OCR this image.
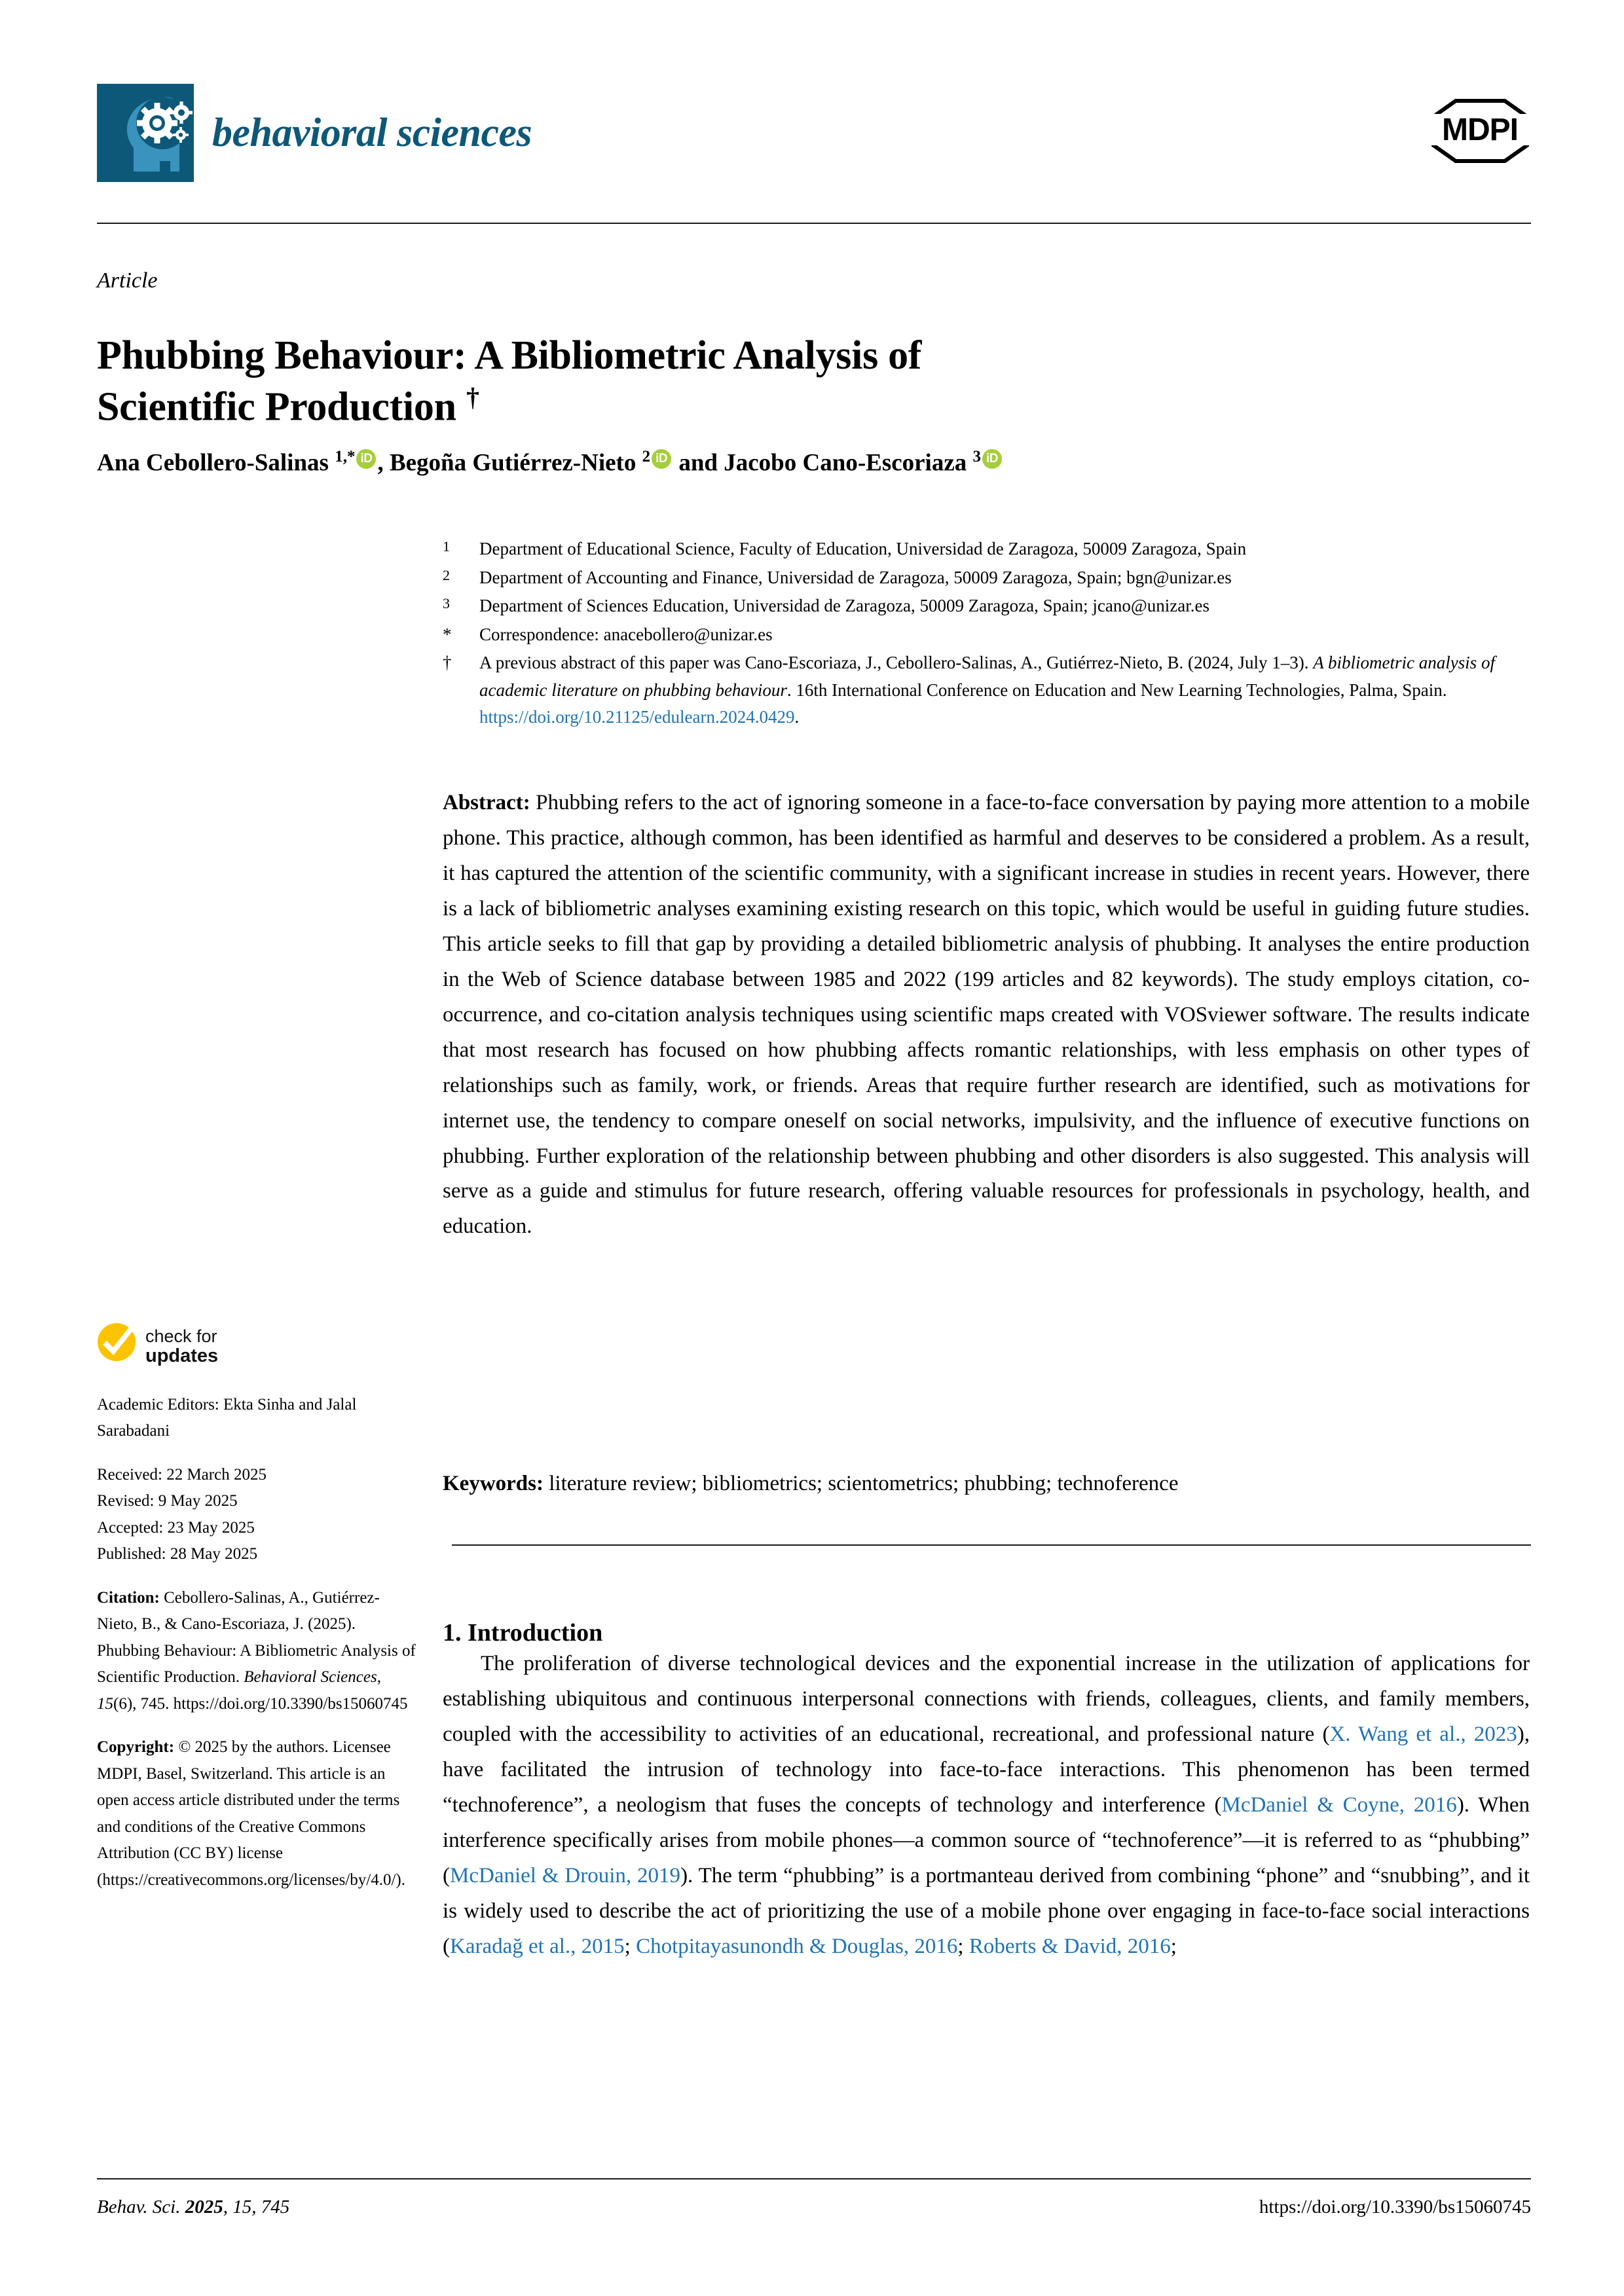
behavioral sciences	MDPI
Article
Phubbing Behaviour: A Bibliometric Analysis of
Scientific Production †
Ana Cebollero-Salinas $^{1,*}$ iD , Begoña Gutiérrez-Nieto $^2$ iD and Jacobo Cano-Escoriaza $^3$ iD
1	Department of Educational Science, Faculty of Education, Universidad de Zaragoza, 50009 Zaragoza, Spain
2	Department of Accounting and Finance, Universidad de Zaragoza, 50009 Zaragoza, Spain; bgn@unizar.es
3	Department of Sciences Education, Universidad de Zaragoza, 50009 Zaragoza, Spain; jcano@unizar.es
*	Correspondence: anacebollero@unizar.es
†	A previous abstract of this paper was Cano-Escoriaza, J., Cebollero-Salinas, A., Gutiérrez-Nieto, B. (2024, July 1–3). A bibliometric analysis of academic literature on phubbing behaviour. 16th International Conference on Education and New Learning Technologies, Palma, Spain. https://doi.org/10.21125/edulearn.2024.0429.
Abstract: Phubbing refers to the act of ignoring someone in a face-to-face conversation by paying more attention to a mobile phone. This practice, although common, has been identified as harmful and deserves to be considered a problem. As a result, it has captured the attention of the scientific community, with a significant increase in studies in recent years. However, there is a lack of bibliometric analyses examining existing research on this topic, which would be useful in guiding future studies. This article seeks to fill that gap by providing a detailed bibliometric analysis of phubbing. It analyses the entire production in the Web of Science database between 1985 and 2022 (199 articles and 82 keywords). The study employs citation, co-occurrence, and co-citation analysis techniques using scientific maps created with VOSviewer software. The results indicate that most research has focused on how phubbing affects romantic relationships, with less emphasis on other types of relationships such as family, work, or friends. Areas that require further research are identified, such as motivations for internet use, the tendency to compare oneself on social networks, impulsivity, and the influence of executive functions on phubbing. Further exploration of the relationship between phubbing and other disorders is also suggested. This analysis will serve as a guide and stimulus for future research, offering valuable resources for professionals in psychology, health, and education.
Keywords: literature review; bibliometrics; scientometrics; phubbing; technoference
1. Introduction
The proliferation of diverse technological devices and the exponential increase in the utilization of applications for establishing ubiquitous and continuous interpersonal connections with friends, colleagues, clients, and family members, coupled with the accessibility to activities of an educational, recreational, and professional nature (X. Wang et al., 2023), have facilitated the intrusion of technology into face-to-face interactions. This phenomenon has been termed “technoference”, a neologism that fuses the concepts of technology and interference (McDaniel & Coyne, 2016). When interference specifically arises from mobile phones—a common source of “technoference”—it is referred to as “phubbing” (McDaniel & Drouin, 2019). The term “phubbing” is a portmanteau derived from combining “phone” and “snubbing”, and it is widely used to describe the act of prioritizing the use of a mobile phone over engaging in face-to-face social interactions (Karadağ et al., 2015; Chotpitayasunondh & Douglas, 2016; Roberts & David, 2016;
check for
updates
Academic Editors: Ekta Sinha and Jalal Sarabadani
Received: 22 March 2025
Revised: 9 May 2025
Accepted: 23 May 2025
Published: 28 May 2025
Citation: Cebollero-Salinas, A., Gutiérrez-Nieto, B., & Cano-Escoriaza, J. (2025). Phubbing Behaviour: A Bibliometric Analysis of Scientific Production. Behavioral Sciences, 15(6), 745. https://doi.org/10.3390/bs15060745
Copyright: © 2025 by the authors. Licensee MDPI, Basel, Switzerland. This article is an open access article distributed under the terms and conditions of the Creative Commons Attribution (CC BY) license (https://creativecommons.org/licenses/by/4.0/).
Behav. Sci. 2025, 15, 745	https://doi.org/10.3390/bs15060745
